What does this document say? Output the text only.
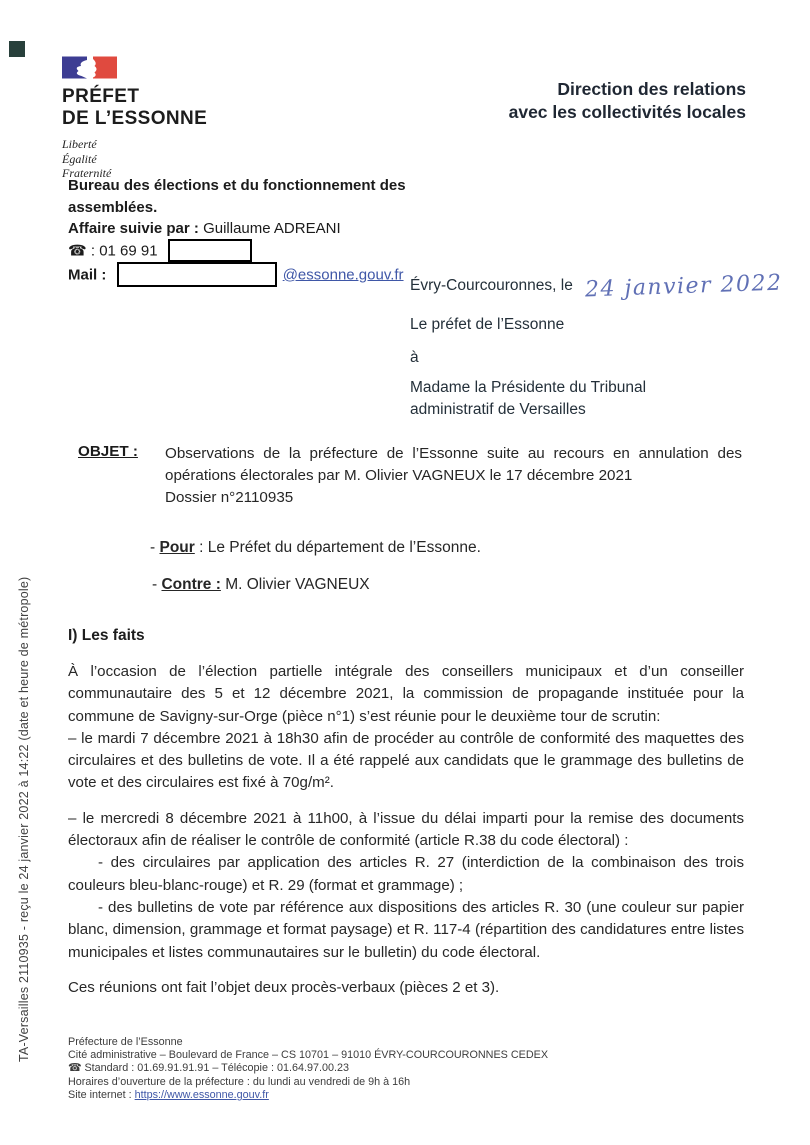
TA-Versailles 2110935 - reçu le 24 janvier 2022 à 14:22 (date et heure de métropole)
PRÉFET
DE L’ESSONNE
Liberté
Égalité
Fraternité
Direction des relations
avec les collectivités locales
Bureau des élections et du fonctionnement des assemblées.
Affaire suivie par : Guillaume ADREANI
☎ : 01 69 91
Mail :	@essonne.gouv.fr
Évry-Courcouronnes, le 24 janvier 2022
Le préfet de l’Essonne
à
Madame la Présidente du Tribunal
administratif de Versailles
OBJET : Observations de la préfecture de l’Essonne suite au recours en annulation des opérations électorales par M. Olivier VAGNEUX le 17 décembre 2021

Dossier n°2110935

- Pour : Le Préfet du département de l’Essonne.
- Contre : M. Olivier VAGNEUX
I) Les faits

À l’occasion de l’élection partielle intégrale des conseillers municipaux et d’un conseiller communautaire des 5 et 12 décembre 2021, la commission de propagande instituée pour la commune de Savigny-sur-Orge (pièce n°1) s’est réunie pour le deuxième tour de scrutin:

– le mardi 7 décembre 2021 à 18h30 afin de procéder au contrôle de conformité des maquettes des circulaires et des bulletins de vote. Il a été rappelé aux candidats que le grammage des bulletins de vote et des circulaires est fixé à 70g/m².

– le mercredi 8 décembre 2021 à 11h00, à l’issue du délai imparti pour la remise des documents électoraux afin de réaliser le contrôle de conformité (article R.38 du code électoral) :

- des circulaires par application des articles R. 27 (interdiction de la combinaison des trois couleurs bleu-blanc-rouge) et R. 29 (format et grammage) ;

- des bulletins de vote par référence aux dispositions des articles R. 30 (une couleur sur papier blanc, dimension, grammage et format paysage) et R. 117-4 (répartition des candidatures entre listes municipales et listes communautaires sur le bulletin) du code électoral.

Ces réunions ont fait l’objet deux procès-verbaux (pièces 2 et 3).

Préfecture de l’Essonne
Cité administrative – Boulevard de France – CS 10701 – 91010 ÉVRY-COURCOURONNES CEDEX
☎ Standard : 01.69.91.91.91 – Télécopie : 01.64.97.00.23
Horaires d’ouverture de la préfecture : du lundi au vendredi de 9h à 16h
Site internet : https://www.essonne.gouv.fr
